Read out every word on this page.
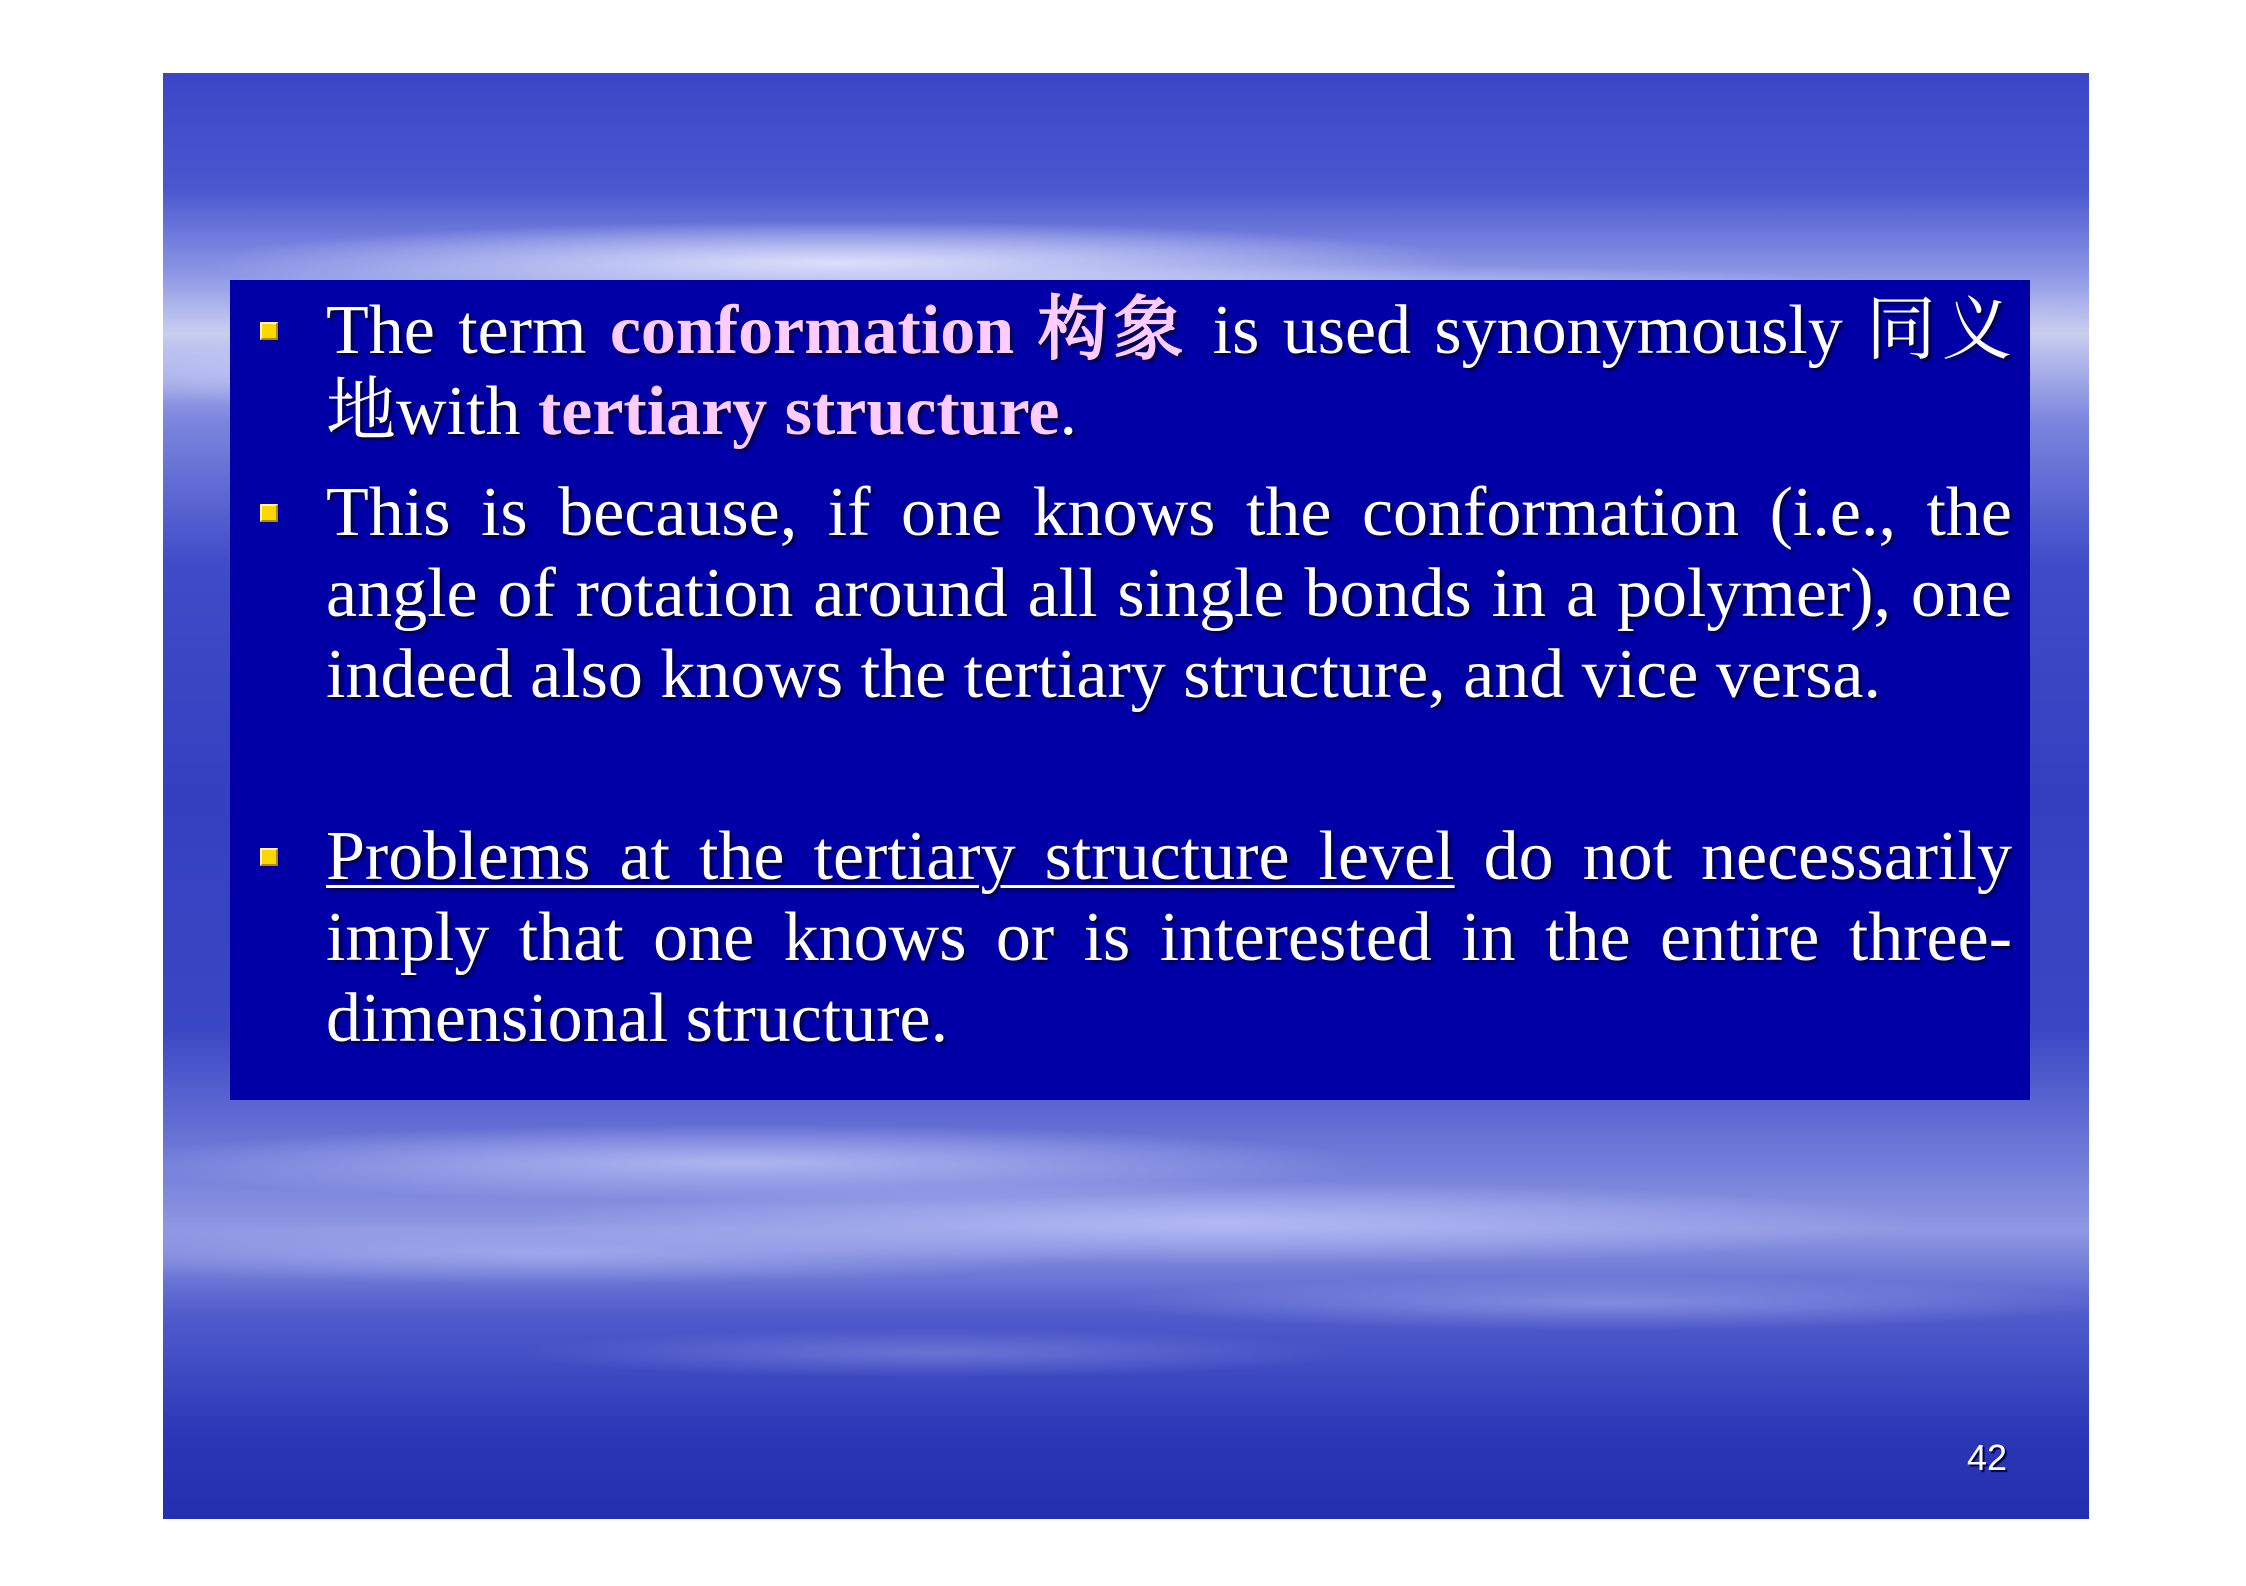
The term conformation 构象 is used synonymously 同义地with tertiary structure.
This is because, if one knows the conformation (i.e., the angle of rotation around all single bonds in a polymer), one indeed also knows the tertiary structure, and vice versa.
Problems at the tertiary structure level do not necessarily imply that one knows or is interested in the entire three-dimensional structure.
42
